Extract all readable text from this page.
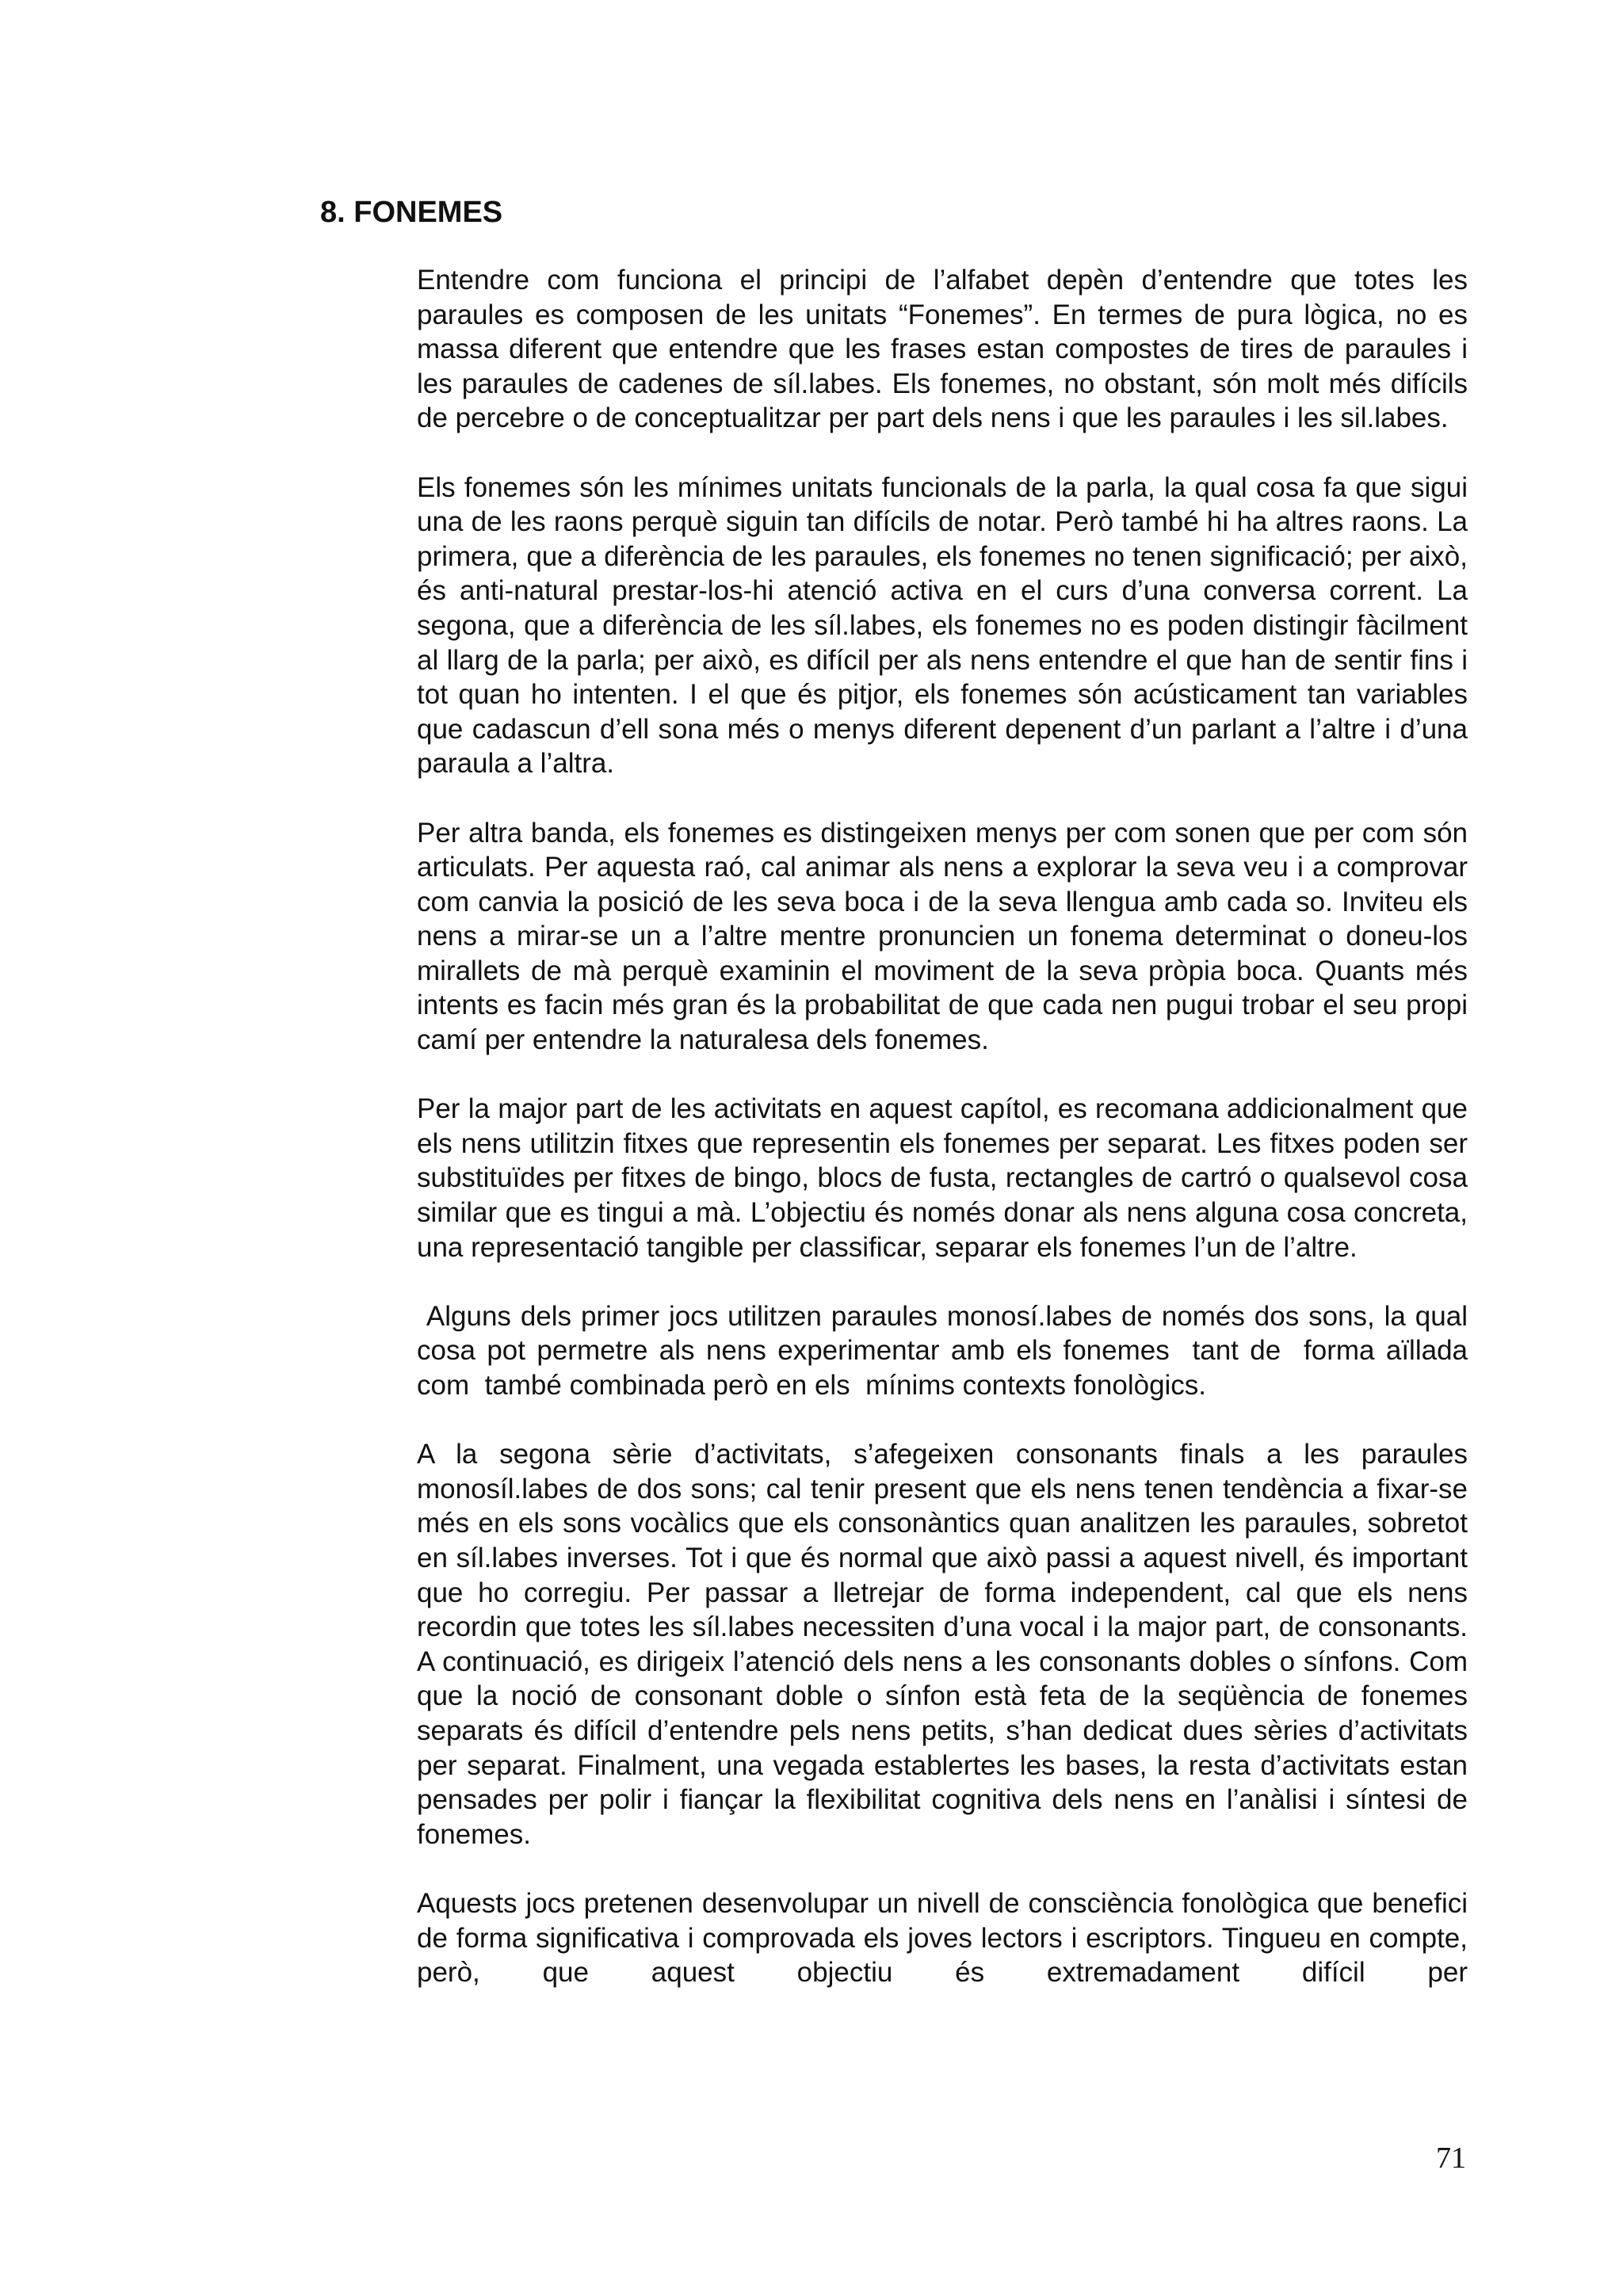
8. FONEMES

Entendre com funciona el principi de l’alfabet depèn d’entendre que totes les paraules es composen de les unitats “Fonemes”. En termes de pura lògica, no es massa diferent que entendre que les frases estan compostes de tires de paraules i les paraules de cadenes de síl.labes. Els fonemes, no obstant, són molt més difícils de percebre o de conceptualitzar per part dels nens i que les paraules i les sil.labes.

Els fonemes són les mínimes unitats funcionals de la parla, la qual cosa fa que sigui una de les raons perquè siguin tan difícils de notar. Però també hi ha altres raons. La primera, que a diferència de les paraules, els fonemes no tenen significació; per això, és anti-natural prestar-los-hi atenció activa en el curs d’una conversa corrent. La segona, que a diferència de les síl.labes, els fonemes no es poden distingir fàcilment al llarg de la parla; per això, es difícil per als nens entendre el que han de sentir fins i tot quan ho intenten. I el que és pitjor, els fonemes són acústicament tan variables que cadascun d’ell sona més o menys diferent depenent d’un parlant a l’altre i d’una paraula a l’altra.

Per altra banda, els fonemes es distingeixen menys per com sonen que per com són articulats. Per aquesta raó, cal animar als nens a explorar la seva veu i a comprovar com canvia la posició de les seva boca i de la seva llengua amb cada so. Inviteu els nens a mirar-se un a l’altre mentre pronuncien un fonema determinat o doneu-los mirallets de mà perquè examinin el moviment de la seva pròpia boca. Quants més intents es facin més gran és la probabilitat de que cada nen pugui trobar el seu propi camí per entendre la naturalesa dels fonemes.

Per la major part de les activitats en aquest capítol, es recomana addicionalment que els nens utilitzin fitxes que representin els fonemes per separat. Les fitxes poden ser substituïdes per fitxes de bingo, blocs de fusta, rectangles de cartró o qualsevol cosa similar que es tingui a mà. L’objectiu és només donar als nens alguna cosa concreta, una representació tangible per classificar, separar els fonemes l’un de l’altre.

Alguns dels primer jocs utilitzen paraules monosí.labes de només dos sons, la qual cosa pot permetre als nens experimentar amb els fonemes  tant de  forma aïllada com  també combinada però en els  mínims contexts fonològics.

A la segona sèrie d’activitats, s’afegeixen consonants finals a les paraules monosíl.labes de dos sons; cal tenir present que els nens tenen tendència a fixar-se més en els sons vocàlics que els consonàntics quan analitzen les paraules, sobretot en síl.labes inverses. Tot i que és normal que això passi a aquest nivell, és important que ho corregiu. Per passar a lletrejar de forma independent, cal que els nens recordin que totes les síl.labes necessiten d’una vocal i la major part, de consonants. A continuació, es dirigeix l’atenció dels nens a les consonants dobles o sínfons. Com que la noció de consonant doble o sínfon està feta de la seqüència de fonemes separats és difícil d’entendre pels nens petits, s’han dedicat dues sèries d’activitats per separat. Finalment, una vegada establertes les bases, la resta d’activitats estan pensades per polir i fiançar la flexibilitat cognitiva dels nens en l’anàlisi i síntesi de fonemes.

Aquests jocs pretenen desenvolupar un nivell de consciència fonològica que benefici de forma significativa i comprovada els joves lectors i escriptors. Tingueu en compte, però, que aquest objectiu és extremadament difícil per

71
